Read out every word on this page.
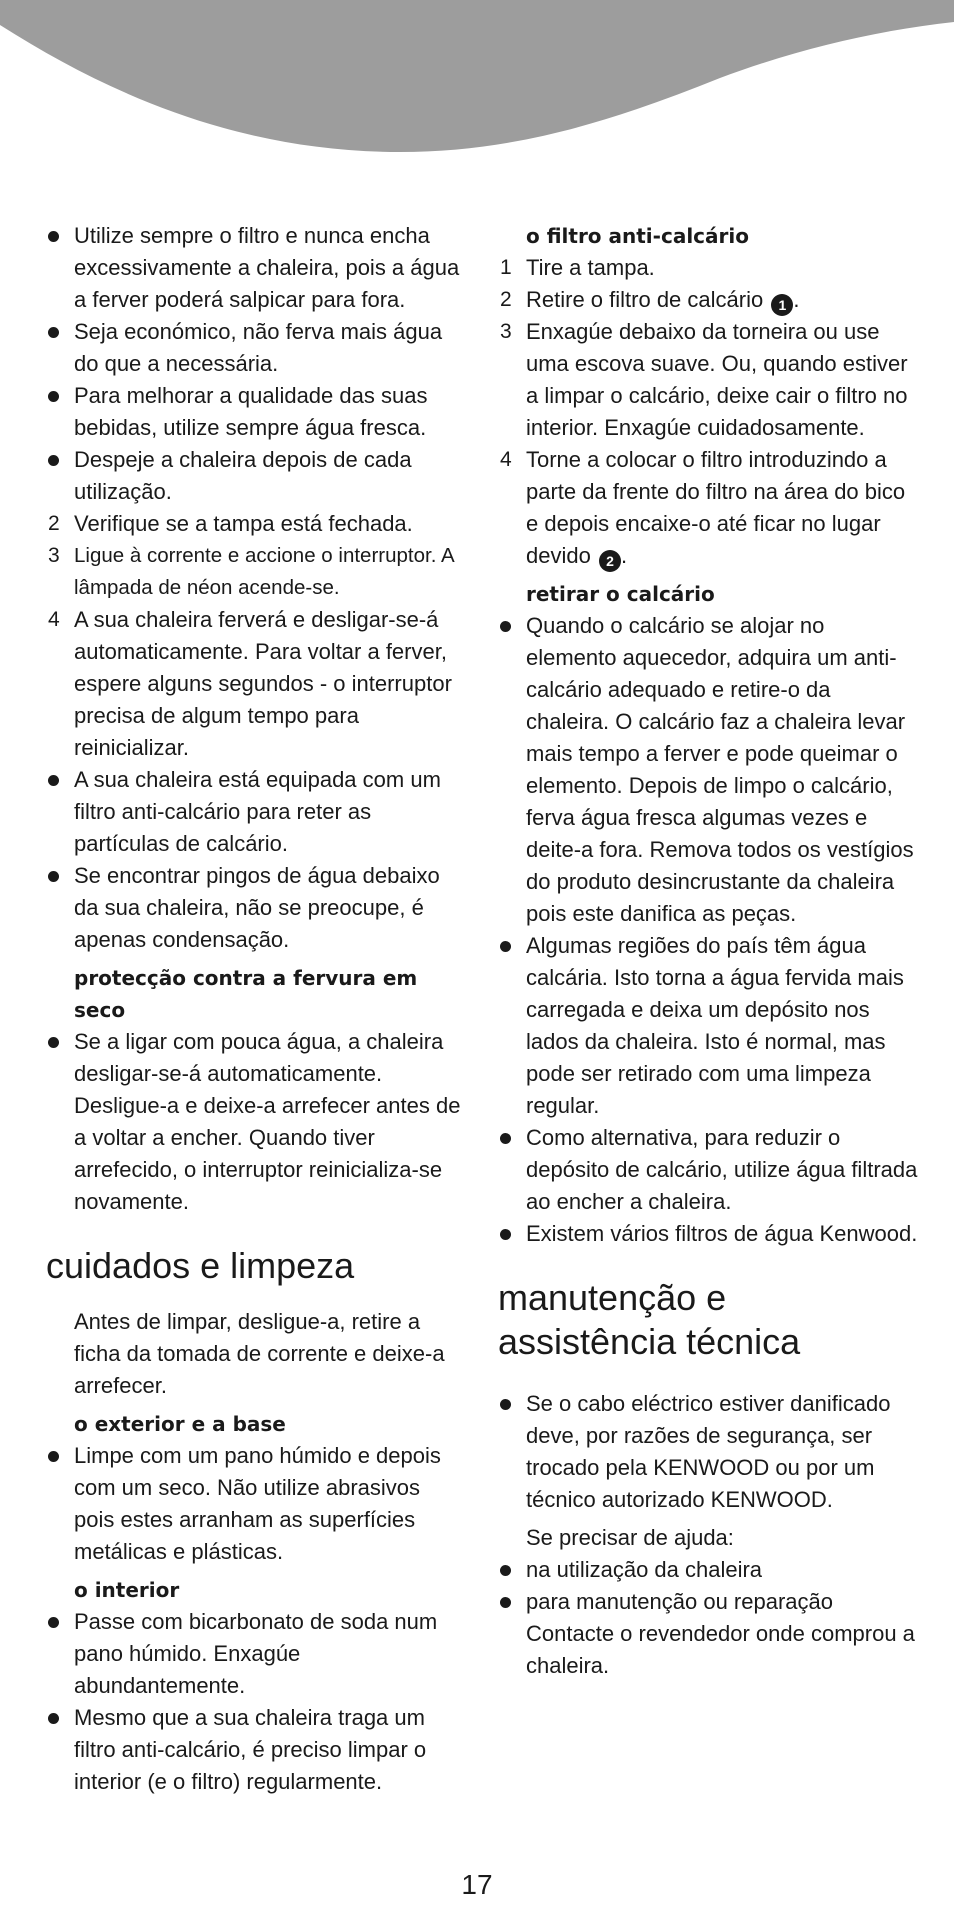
Utilize sempre o filtro e nunca encha excessivamente a chaleira, pois a água a ferver poderá salpicar para fora.
Seja económico, não ferva mais água do que a necessária.
Para melhorar a qualidade das suas bebidas, utilize sempre água fresca.
Despeje a chaleira depois de cada utilização.
2 Verifique se a tampa está fechada.
3 Ligue à corrente e accione o interruptor. A lâmpada de néon acende-se.
4 A sua chaleira ferverá e desligar-se-á automaticamente. Para voltar a ferver, espere alguns segundos - o interruptor precisa de algum tempo para reinicializar.
A sua chaleira está equipada com um filtro anti-calcário para reter as partículas de calcário.
Se encontrar pingos de água debaixo da sua chaleira, não se preocupe, é apenas condensação.

protecção contra a fervura em seco

Se a ligar com pouca água, a chaleira desligar-se-á automaticamente. Desligue-a e deixe-a arrefecer antes de a voltar a encher. Quando tiver arrefecido, o interruptor reinicializa-se novamente.
cuidados e limpeza

Antes de limpar, desligue-a, retire a ficha da tomada de corrente e deixe-a arrefecer.

o exterior e a base

Limpe com um pano húmido e depois com um seco. Não utilize abrasivos pois estes arranham as superfícies metálicas e plásticas.

o interior

Passe com bicarbonato de soda num pano húmido. Enxagúe abundantemente.
Mesmo que a sua chaleira traga um filtro anti-calcário, é preciso limpar o interior (e o filtro) regularmente.

o filtro anti-calcário

1 Tire a tampa.
2 Retire o filtro de calcário 1 .
3 Enxagúe debaixo da torneira ou use uma escova suave. Ou, quando estiver a limpar o calcário, deixe cair o filtro no interior. Enxagúe cuidadosamente.
4 Torne a colocar o filtro introduzindo a parte da frente do filtro na área do bico e depois encaixe-o até ficar no lugar devido 2 .

retirar o calcário

Quando o calcário se alojar no elemento aquecedor, adquira um anti-calcário adequado e retire-o da chaleira. O calcário faz a chaleira levar mais tempo a ferver e pode queimar o elemento. Depois de limpo o calcário, ferva água fresca algumas vezes e deite-a fora. Remova todos os vestígios do produto desincrustante da chaleira pois este danifica as peças.
Algumas regiões do país têm água calcária. Isto torna a água fervida mais carregada e deixa um depósito nos lados da chaleira. Isto é normal, mas pode ser retirado com uma limpeza regular.
Como alternativa, para reduzir o depósito de calcário, utilize água filtrada ao encher a chaleira.
Existem vários filtros de água Kenwood.
manutenção e
assistência técnica
Se o cabo eléctrico estiver danificado deve, por razões de segurança, ser trocado pela KENWOOD ou por um técnico autorizado KENWOOD.

Se precisar de ajuda:

na utilização da chaleira
para manutenção ou reparação Contacte o revendedor onde comprou a chaleira.
17
